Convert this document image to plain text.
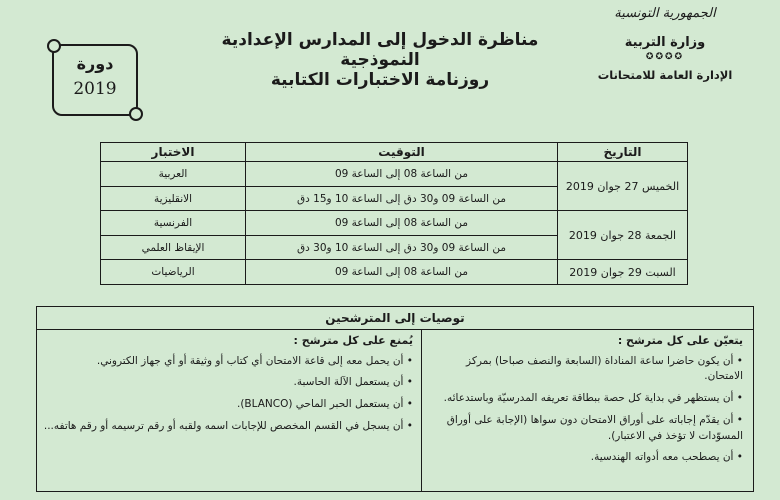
الجمهورية التونسية

وزارة التربية

✪✪✪✪

الإدارة العامة للامتحانات

مناظرة الدخول إلى المدارس الإعدادية النموذجية
روزنامة الاختبارات الكتابية
دورة
2019
التاريخ
التوقيت
الاختبار
الخميس 27 جوان 2019
من الساعة 08 إلى الساعة 09
العربية
من الساعة 09 و30 دق إلى الساعة 10 و15 دق
الانقليزية
الجمعة 28 جوان 2019
من الساعة 08 إلى الساعة 09
الفرنسية
من الساعة 09 و30 دق إلى الساعة 10 و30 دق
الإيقاظ العلمي
السبت 29 جوان 2019
من الساعة 08 إلى الساعة 09
الرياضيات
توصيات إلى المترشحين

يتعيّن على كل مترشح :

• أن يكون حاضرا ساعة المناداة (السابعة والنصف صباحا) بمركز الامتحان.
• أن يستظهر في بداية كل حصة ببطاقة تعريفه المدرسيّة وباستدعائه.
• أن يقدّم إجاباته على أوراق الامتحان دون سواها (الإجابة على أوراق المسوّدات لا تؤخذ في الاعتبار).
• أن يصطحب معه أدواته الهندسية.

يُمنع على كل مترشح :

• أن يحمل معه إلى قاعة الامتحان أي كتاب أو وثيقة أو أي جهاز الكتروني.
• أن يستعمل الآلة الحاسبة.
• أن يستعمل الحبر الماحي (BLANCO).
• أن يسجل في القسم المخصص للإجابات اسمه ولقبه أو رقم ترسيمه أو رقم هاتفه...
